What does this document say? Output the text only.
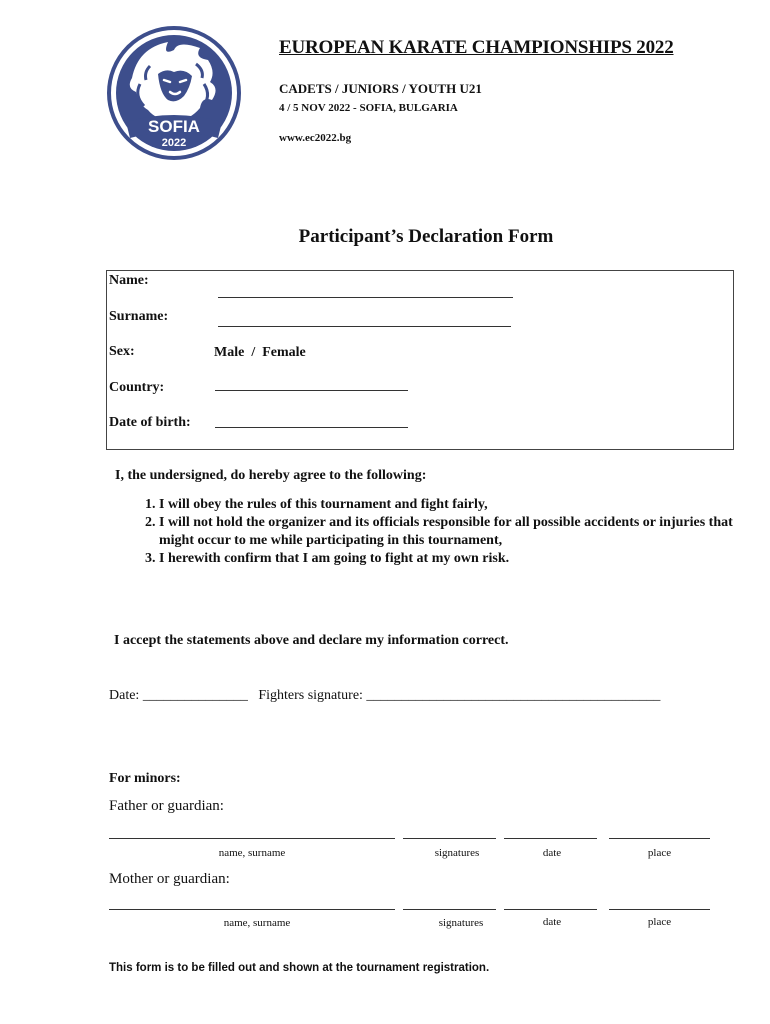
SOFIA
2022
EUROPEAN KARATE CHAMPIONSHIPS 2022
CADETS / JUNIORS / YOUTH U21
4 / 5 NOV 2022 - SOFIA, BULGARIA
www.ec2022.bg
Participant’s Declaration Form
Name:
Surname:
Sex:	Male  /  Female
Country:
Date of birth:
I, the undersigned, do hereby agree to the following:
1. I will obey the rules of this tournament and fight fairly,
2. I will not hold the organizer and its officials responsible for all possible accidents or injuries that might occur to me while participating in this tournament,
3. I herewith confirm that I am going to fight at my own risk.
I accept the statements above and declare my information correct.
Date: _______________ Fighters signature: __________________________________________
For minors:
Father or guardian:
name, surname	signatures	date	place
Mother or guardian:
name, surname	signatures	date	place
This form is to be filled out and shown at the tournament registration.
